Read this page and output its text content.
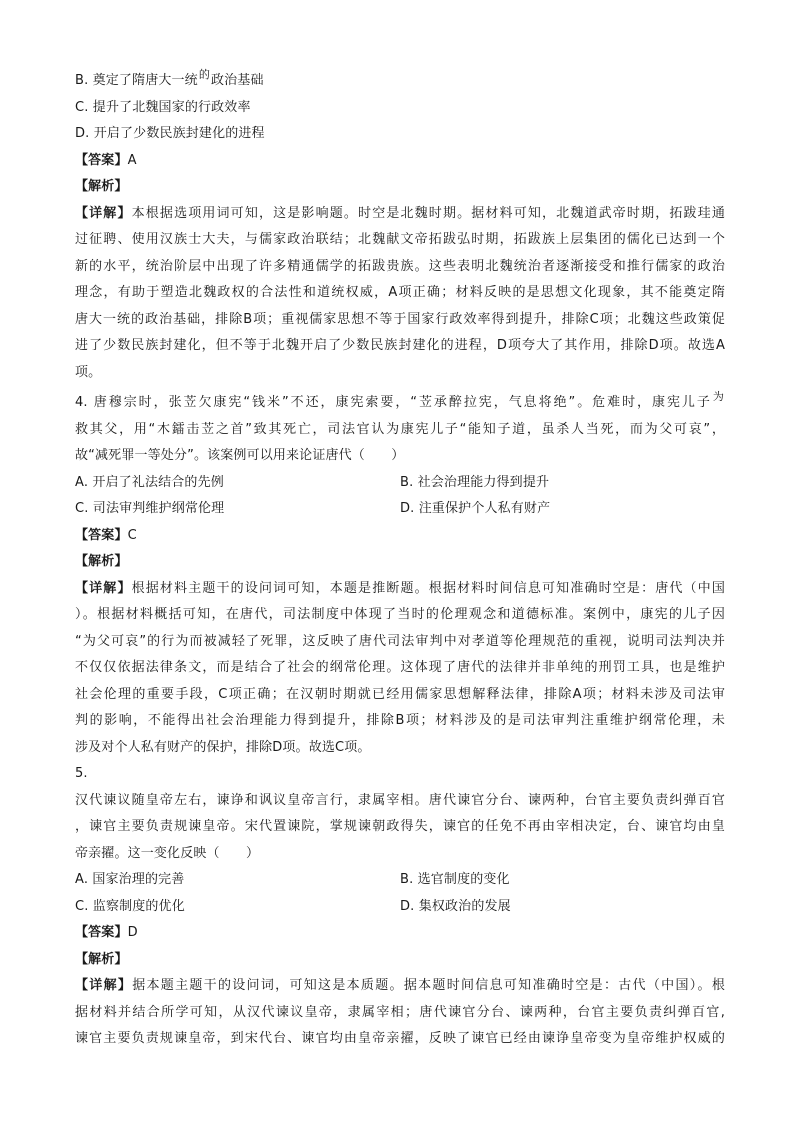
B. 奠定了隋唐大一统$^的$政治基础
C. 提升了北魏国家的行政效率
D. 开启了少数民族封建化的进程
【答案】A
【解析】
【详解】本根据选项用词可知，这是影响题。时空是北魏时期。据材料可知，北魏道武帝时期，拓跋珪通
过征聘、使用汉族士大夫，与儒家政治联结；北魏献文帝拓跋弘时期，拓跋族上层集团的儒化已达到一个
新的水平，统治阶层中出现了许多精通儒学的拓跋贵族。这些表明北魏统治者逐渐接受和推行儒家的政治
理念，有助于塑造北魏政权的合法性和道统权威，A项正确；材料反映的是思想文化现象，其不能奠定隋
唐大一统的政治基础，排除B项；重视儒家思想不等于国家行政效率得到提升，排除C项；北魏这些政策促
进了少数民族封建化，但不等于北魏开启了少数民族封建化的进程，D项夸大了其作用，排除D项。故选A
项。
4. 唐穆宗时，张苙欠康宪“钱米”不还，康宪索要，“苙承醉拉宪，气息将绝”。危难时，康宪儿子$^为$
救其父，用“木鐳击苙之首”致其死亡，司法官认为康宪儿子“能知子道，虽杀人当死，而为父可哀”，
故“减死罪一等处分”。该案例可以用来论证唐代（　　）
A. 开启了礼法结合的先例	B. 社会治理能力得到提升
C. 司法审判维护纲常伦理	D. 注重保护个人私有财产
【答案】C
【解析】
【详解】根据材料主题干的设问词可知，本题是推断题。根据材料时间信息可知准确时空是：唐代（中国
）。根据材料概括可知，在唐代，司法制度中体现了当时的伦理观念和道德标准。案例中，康宪的儿子因
“为父可哀”的行为而被减轻了死罪，这反映了唐代司法审判中对孝道等伦理规范的重视，说明司法判决并
不仅仅依据法律条文，而是结合了社会的纲常伦理。这体现了唐代的法律并非单纯的刑罚工具，也是维护
社会伦理的重要手段，C项正确；在汉朝时期就已经用儒家思想解释法律，排除A项；材料未涉及司法审
判的影响，不能得出社会治理能力得到提升，排除B项；材料涉及的是司法审判注重维护纲常伦理，未
涉及对个人私有财产的保护，排除D项。故选C项。
5.
汉代谏议随皇帝左右，谏诤和讽议皇帝言行，隶属宰相。唐代谏官分台、谏两种，台官主要负责纠弹百官
，谏官主要负责规谏皇帝。宋代置谏院，掌规谏朝政得失，谏官的任免不再由宰相决定，台、谏官均由皇
帝亲擢。这一变化反映（　　）
A. 国家治理的完善	B. 选官制度的变化
C. 监察制度的优化	D. 集权政治的发展
【答案】D
【解析】
【详解】据本题主题干的设问词，可知这是本质题。据本题时间信息可知准确时空是：古代（中国）。根
据材料并结合所学可知，从汉代谏议皇帝，隶属宰相；唐代谏官分台、谏两种，台官主要负责纠弹百官,
谏官主要负责规谏皇帝，到宋代台、谏官均由皇帝亲擢，反映了谏官已经由谏诤皇帝变为皇帝维护权威的
